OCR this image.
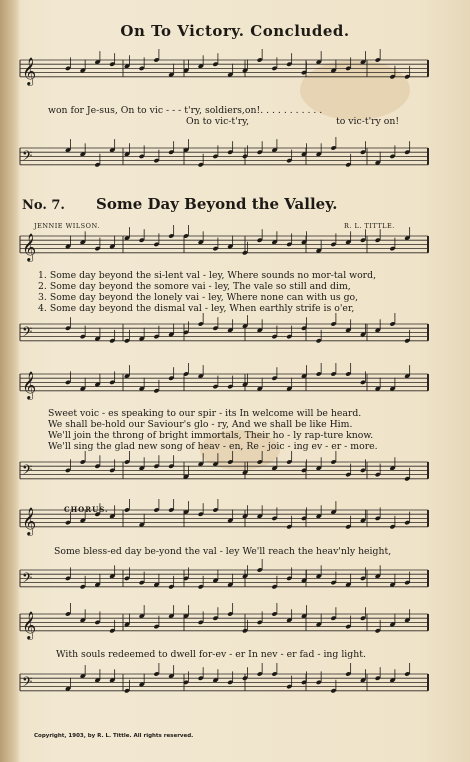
𝄞
𝄢
𝄞
𝄢
𝄞
𝄢
𝄞
𝄢
𝄞
𝄢
On To Victory. Concluded.
won for Je-sus, On to vic - - - t'ry, soldiers,on!. . . . . . . . . . .
On to vic-t'ry,	to vic-t'ry on!
No. 7. Some Day Beyond the Valley.
JENNIE WILSON.	R. L. TITTLE.
1. Some day beyond the si-lent val - ley, Where sounds no mor-tal word,
2. Some day beyond the somore vai - ley, The vale so still and dim,
3. Some day beyond the lonely vai - ley, Where none can with us go,
4. Some day beyond the dismal val - ley, When earthly strife is o'er,
Sweet voic - es speaking to our spir - its In welcome will be heard.
We shall be-hold our Saviour's glo - ry, And we shall be like Him.
We'll join the throng of bright immortals, Their ho - ly rap-ture know.
We'll sing the glad new song of heav - en, Re - joic - ing ev - er - more.
CHORUS.
Some bless-ed day be-yond the val - ley We'll reach the heav'nly height,
With souls redeemed to dwell for-ev - er In nev - er fad - ing light.
Copyright, 1903, by R. L. Tittle. All rights reserved.
